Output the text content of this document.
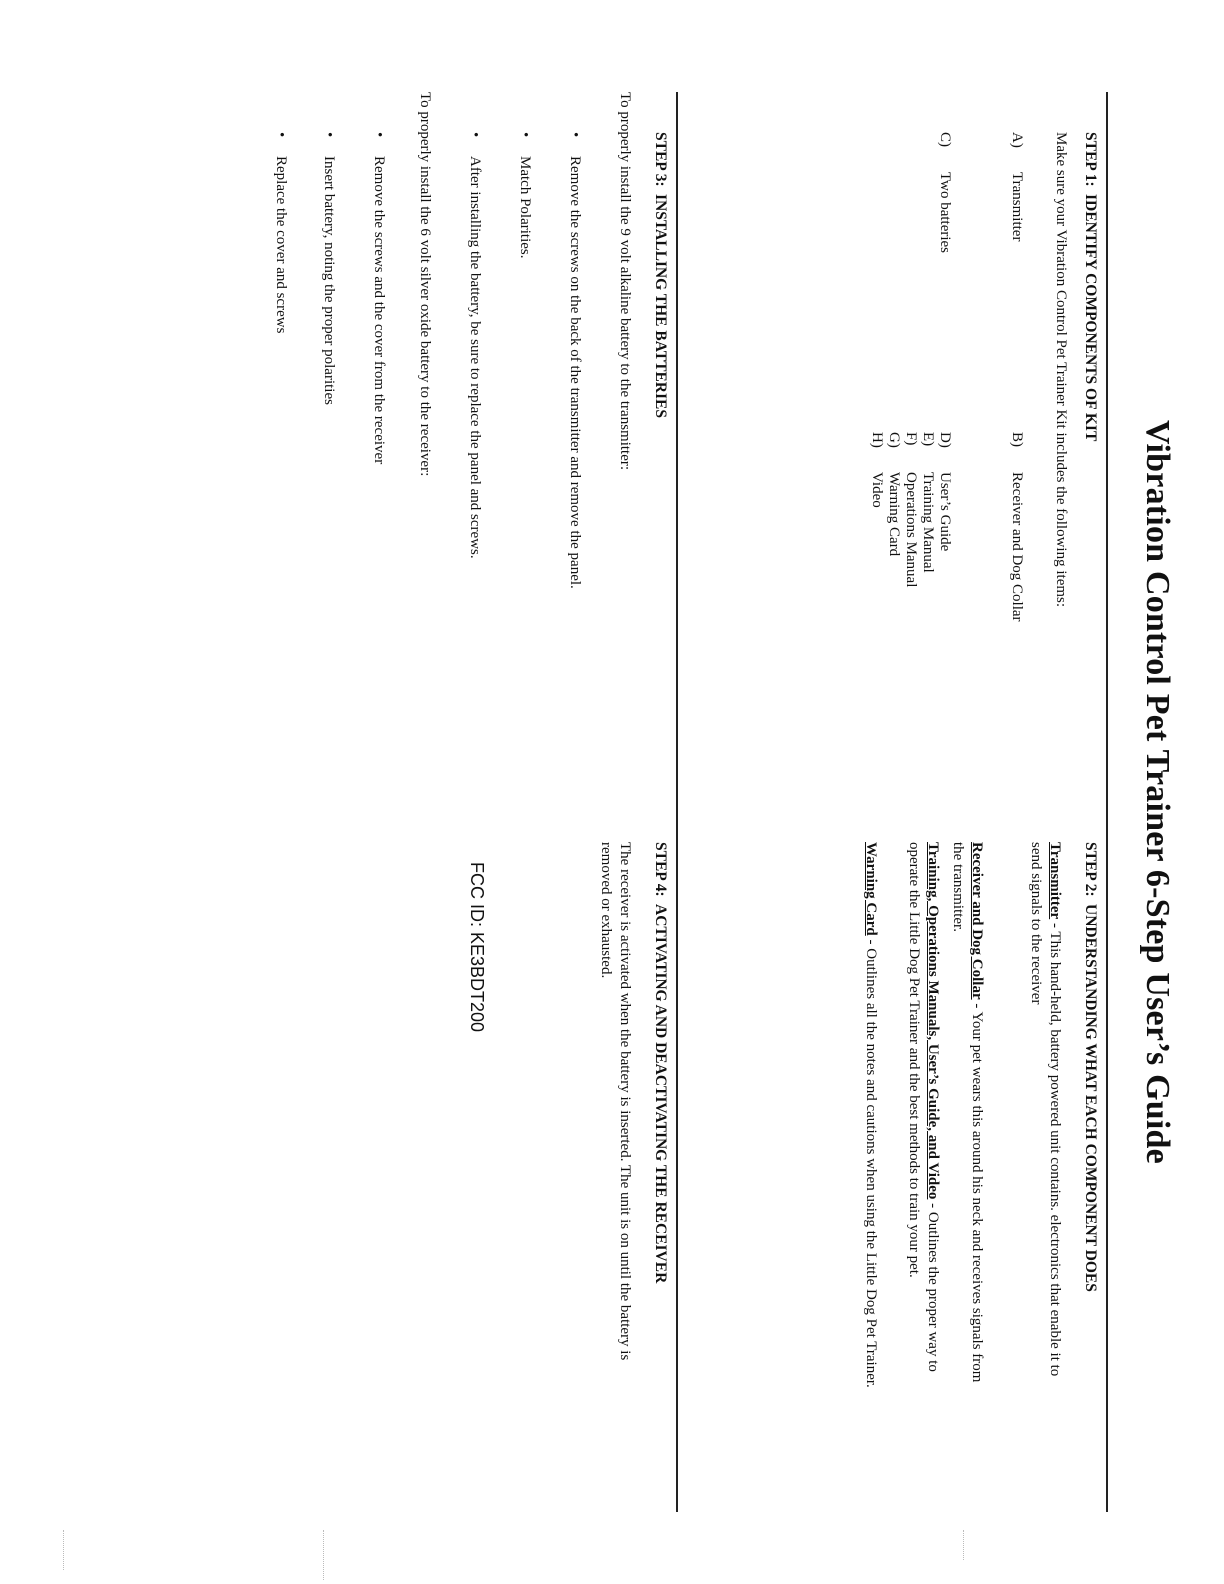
Vibration Control Pet Trainer 6-Step User’s Guide
STEP 1:IDENTIFY COMPONENTS OF KIT
Make sure your Vibration Control Pet Trainer Kit includes the following items:
A)Transmitter
C)Two batteries
B)Receiver and Dog Collar
D)User’s Guide
E)Training Manual
F)Operations Manual
G)Warning Card
H)Video
STEP 2:UNDERSTANDING WHAT EACH COMPONENT DOES
Transmitter - This hand-held, battery powered unit contains. electronics that enable it to send signals to the receiver
Receiver and Dog Collar - Your pet wears this around his neck and receives signals from the transmitter.
Training, Operations Manuals, User’s Guide, and Video - Outlines the proper way to operate the Little Dog Pet Trainer and the best methods to train your pet.
Warning Card - Outlines all the notes and cautions when using the Little Dog Pet Trainer.
STEP 3:INSTALLING THE BATTERIES
To properly install the 9 volt alkaline battery to the transmitter:
•Remove the screws on the back of the transmitter and remove the panel.
•Match Polarities.
•After installing the battery, be sure to replace the panel and screws.
To properly install the 6 volt silver oxide battery to the receiver:
•Remove the screws and the cover from the receiver
•Insert battery, noting the proper polarities
•Replace the cover and screws
STEP 4:ACTIVATING AND DEACTIVATING THE RECEIVER
The receiver is activated when the battery is inserted. The unit is on until the battery is removed or exhausted.
FCC ID: KE3BDT200
